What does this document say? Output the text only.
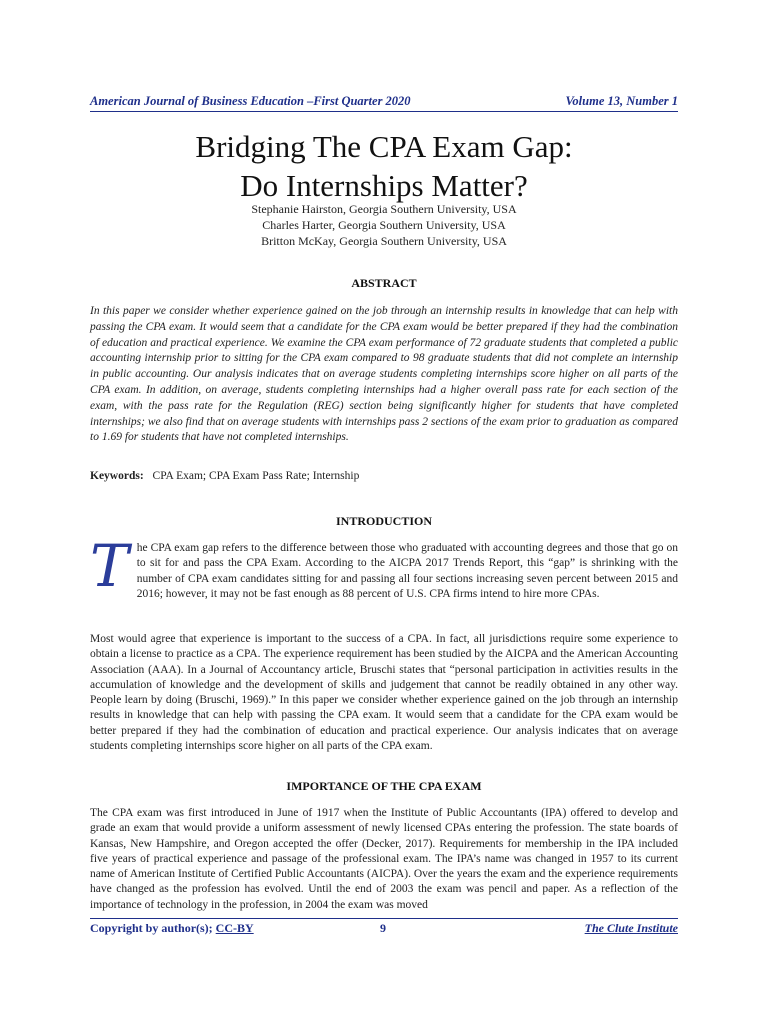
American Journal of Business Education –First Quarter 2020	Volume 13, Number 1
Bridging The CPA Exam Gap:
Do Internships Matter?
Stephanie Hairston, Georgia Southern University, USA
Charles Harter, Georgia Southern University, USA
Britton McKay, Georgia Southern University, USA
ABSTRACT

In this paper we consider whether experience gained on the job through an internship results in knowledge that can help with passing the CPA exam. It would seem that a candidate for the CPA exam would be better prepared if they had the combination of education and practical experience. We examine the CPA exam performance of 72 graduate students that completed a public accounting internship prior to sitting for the CPA exam compared to 98 graduate students that did not complete an internship in public accounting. Our analysis indicates that on average students completing internships score higher on all parts of the CPA exam. In addition, on average, students completing internships had a higher overall pass rate for each section of the exam, with the pass rate for the Regulation (REG) section being significantly higher for students that have completed internships; we also find that on average students with internships pass 2 sections of the exam prior to graduation as compared to 1.69 for students that have not completed internships.

Keywords: CPA Exam; CPA Exam Pass Rate; Internship
INTRODUCTION
T he CPA exam gap refers to the difference between those who graduated with accounting degrees and those that go on to sit for and pass the CPA Exam. According to the AICPA 2017 Trends Report, this “gap” is shrinking with the number of CPA exam candidates sitting for and passing all four sections increasing seven percent between 2015 and 2016; however, it may not be fast enough as 88 percent of U.S. CPA firms intend to hire more CPAs.

Most would agree that experience is important to the success of a CPA. In fact, all jurisdictions require some experience to obtain a license to practice as a CPA. The experience requirement has been studied by the AICPA and the American Accounting Association (AAA). In a Journal of Accountancy article, Bruschi states that “personal participation in activities results in the accumulation of knowledge and the development of skills and judgement that cannot be readily obtained in any other way. People learn by doing (Bruschi, 1969).” In this paper we consider whether experience gained on the job through an internship results in knowledge that can help with passing the CPA exam. It would seem that a candidate for the CPA exam would be better prepared if they had the combination of education and practical experience. Our analysis indicates that on average students completing internships score higher on all parts of the CPA exam.

IMPORTANCE OF THE CPA EXAM

The CPA exam was first introduced in June of 1917 when the Institute of Public Accountants (IPA) offered to develop and grade an exam that would provide a uniform assessment of newly licensed CPAs entering the profession. The state boards of Kansas, New Hampshire, and Oregon accepted the offer (Decker, 2017). Requirements for membership in the IPA included five years of practical experience and passage of the professional exam. The IPA’s name was changed in 1957 to its current name of American Institute of Certified Public Accountants (AICPA). Over the years the exam and the experience requirements have changed as the profession has evolved. Until the end of 2003 the exam was pencil and paper. As a reflection of the importance of technology in the profession, in 2004 the exam was moved

Copyright by author(s); CC-BY	9	The Clute Institute
